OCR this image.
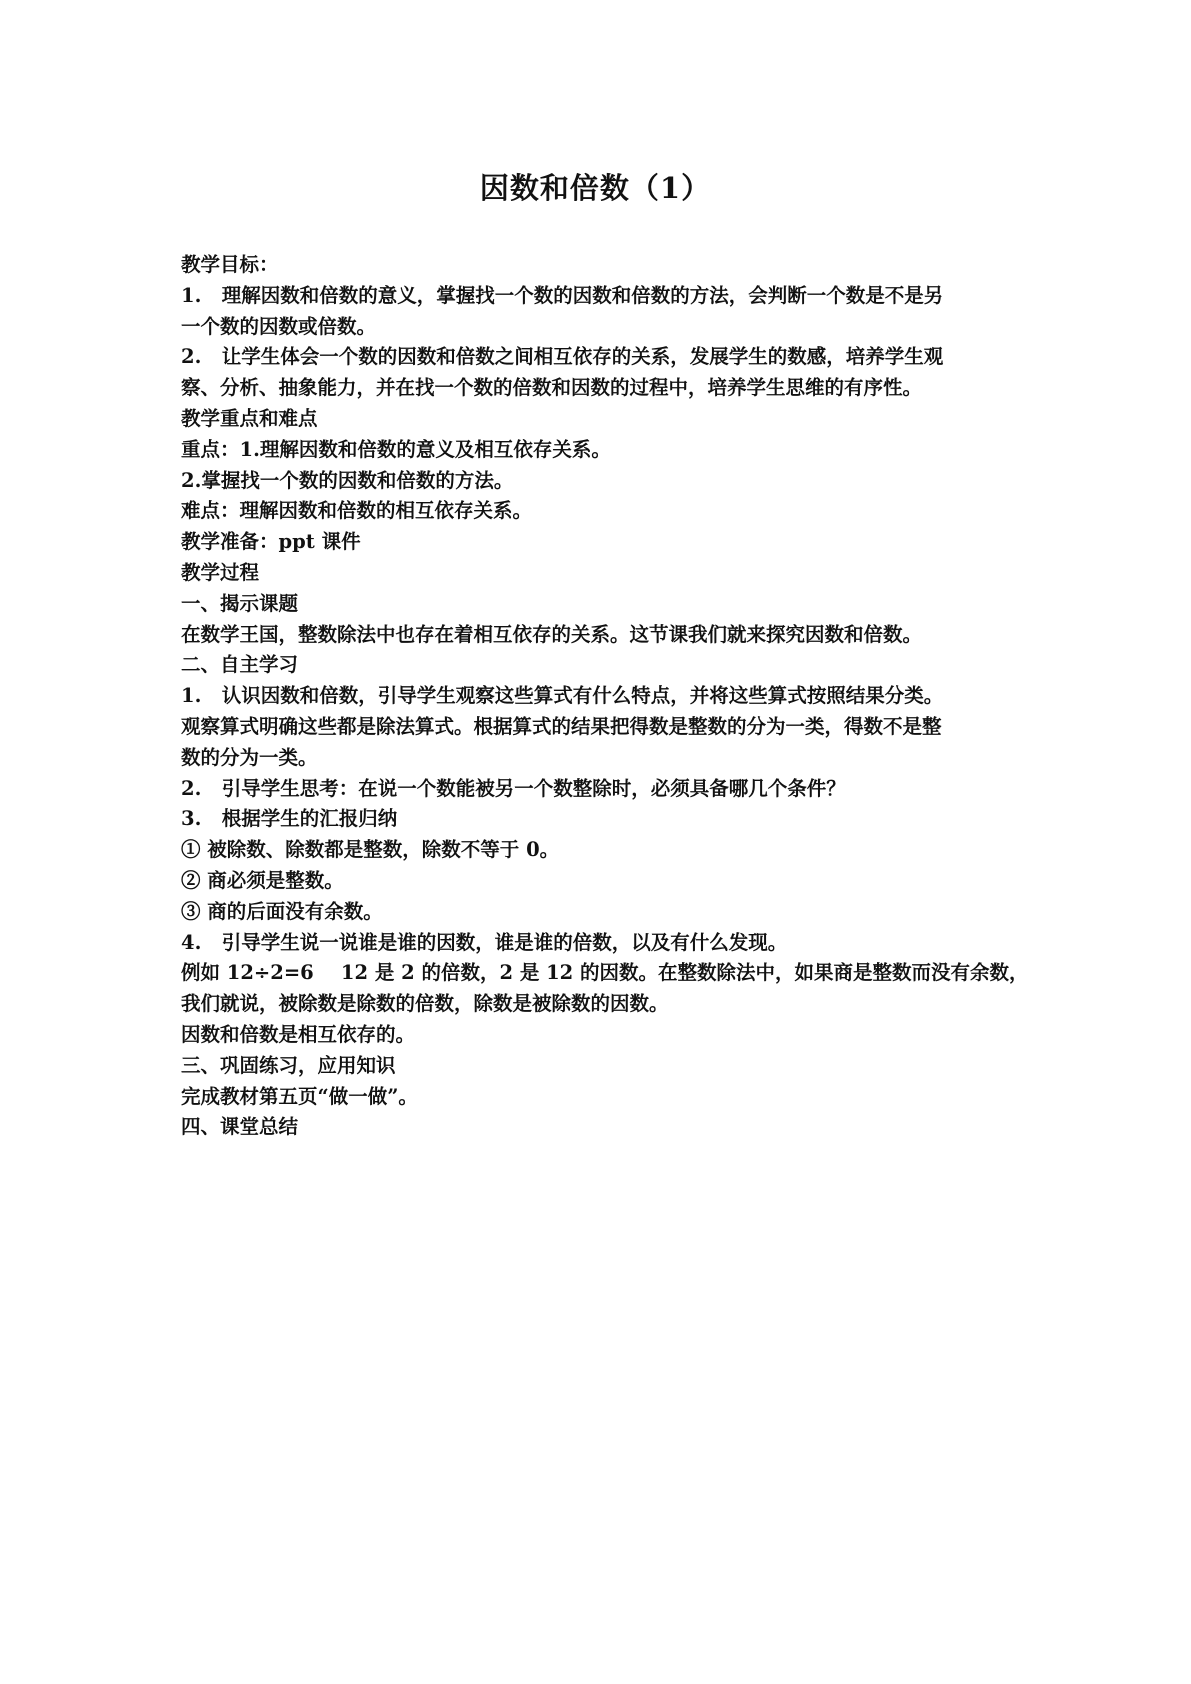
因数和倍数（1）
教学目标：
1.   理解因数和倍数的意义，掌握找一个数的因数和倍数的方法，会判断一个数是不是另
一个数的因数或倍数。
2.   让学生体会一个数的因数和倍数之间相互依存的关系，发展学生的数感，培养学生观
察、分析、抽象能力，并在找一个数的倍数和因数的过程中，培养学生思维的有序性。
教学重点和难点
重点：1.理解因数和倍数的意义及相互依存关系。
2.掌握找一个数的因数和倍数的方法。
难点：理解因数和倍数的相互依存关系。
教学准备：ppt 课件
教学过程
一、揭示课题
在数学王国，整数除法中也存在着相互依存的关系。这节课我们就来探究因数和倍数。
二、自主学习
1.   认识因数和倍数，引导学生观察这些算式有什么特点，并将这些算式按照结果分类。
观察算式明确这些都是除法算式。根据算式的结果把得数是整数的分为一类，得数不是整
数的分为一类。
2.   引导学生思考：在说一个数能被另一个数整除时，必须具备哪几个条件？
3.   根据学生的汇报归纳
① 被除数、除数都是整数，除数不等于 0。
② 商必须是整数。
③ 商的后面没有余数。
4.   引导学生说一说谁是谁的因数，谁是谁的倍数，以及有什么发现。
例如 12÷2=6    12 是 2 的倍数，2 是 12 的因数。在整数除法中，如果商是整数而没有余数，
我们就说，被除数是除数的倍数，除数是被除数的因数。
因数和倍数是相互依存的。
三、巩固练习，应用知识
完成教材第五页“做一做”。
四、课堂总结
